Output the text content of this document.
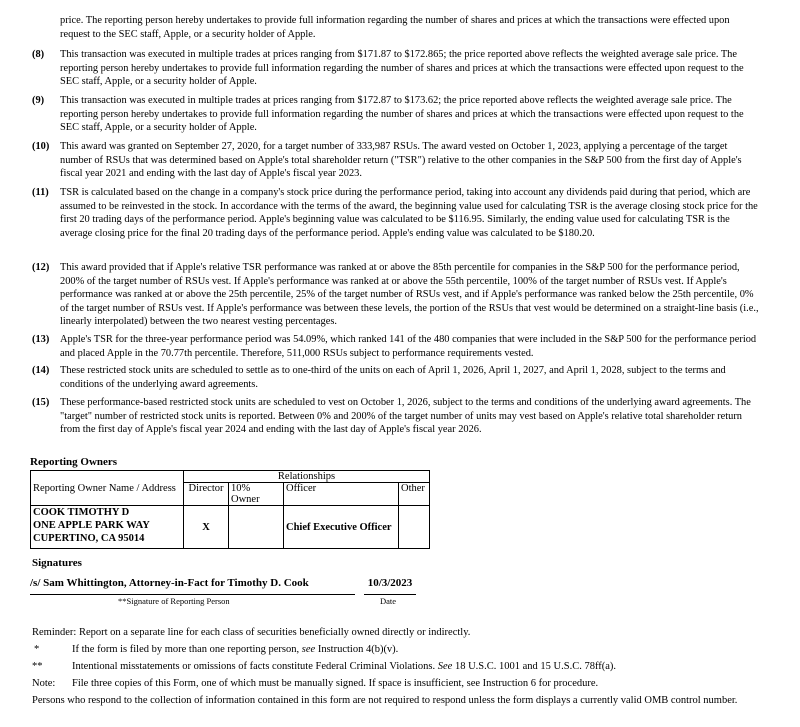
price. The reporting person hereby undertakes to provide full information regarding the number of shares and prices at which the transactions were effected upon request to the SEC staff, Apple, or a security holder of Apple.
(8) This transaction was executed in multiple trades at prices ranging from $171.87 to $172.865; the price reported above reflects the weighted average sale price. The reporting person hereby undertakes to provide full information regarding the number of shares and prices at which the transactions were effected upon request to the SEC staff, Apple, or a security holder of Apple.
(9) This transaction was executed in multiple trades at prices ranging from $172.87 to $173.62; the price reported above reflects the weighted average sale price. The reporting person hereby undertakes to provide full information regarding the number of shares and prices at which the transactions were effected upon request to the SEC staff, Apple, or a security holder of Apple.
(10) This award was granted on September 27, 2020, for a target number of 333,987 RSUs. The award vested on October 1, 2023, applying a percentage of the target number of RSUs that was determined based on Apple's total shareholder return ("TSR") relative to the other companies in the S&P 500 from the first day of Apple's fiscal year 2021 and ending with the last day of Apple's fiscal year 2023.
(11) TSR is calculated based on the change in a company's stock price during the performance period, taking into account any dividends paid during that period, which are assumed to be reinvested in the stock. In accordance with the terms of the award, the beginning value used for calculating TSR is the average closing stock price for the first 20 trading days of the performance period. Apple's beginning value was calculated to be $116.95. Similarly, the ending value used for calculating TSR is the average closing price for the final 20 trading days of the performance period. Apple's ending value was calculated to be $180.20.
(12) This award provided that if Apple's relative TSR performance was ranked at or above the 85th percentile for companies in the S&P 500 for the performance period, 200% of the target number of RSUs vest. If Apple's performance was ranked at or above the 55th percentile, 100% of the target number of RSUs vest. If Apple's performance was ranked at or above the 25th percentile, 25% of the target number of RSUs vest, and if Apple's performance was ranked below the 25th percentile, 0% of the target number of RSUs vest. If Apple's performance was between these levels, the portion of the RSUs that vest would be determined on a straight-line basis (i.e., linearly interpolated) between the two nearest vesting percentages.
(13) Apple's TSR for the three-year performance period was 54.09%, which ranked 141 of the 480 companies that were included in the S&P 500 for the performance period and placed Apple in the 70.77th percentile. Therefore, 511,000 RSUs subject to performance requirements vested.
(14) These restricted stock units are scheduled to settle as to one-third of the units on each of April 1, 2026, April 1, 2027, and April 1, 2028, subject to the terms and conditions of the underlying award agreements.
(15) These performance-based restricted stock units are scheduled to vest on October 1, 2026, subject to the terms and conditions of the underlying award agreements. The "target" number of restricted stock units is reported. Between 0% and 200% of the target number of units may vest based on Apple's relative total shareholder return from the first day of Apple's fiscal year 2024 and ending with the last day of Apple's fiscal year 2026.
Reporting Owners
Reporting Owner Name / Address	Relationships			
	Director	10% Owner	Officer	Other

COOK TIMOTHY D
ONE APPLE PARK WAY
CUPERTINO, CA 95014	X		Chief Executive Officer	
Signatures
/s/ Sam Whittington, Attorney-in-Fact for Timothy D. Cook	10/3/2023
**Signature of Reporting Person	Date
Reminder: Report on a separate line for each class of securities beneficially owned directly or indirectly.
*	If the form is filed by more than one reporting person, see Instruction 4(b)(v).
**	Intentional misstatements or omissions of facts constitute Federal Criminal Violations. See 18 U.S.C. 1001 and 15 U.S.C. 78ff(a).
Note: File three copies of this Form, one of which must be manually signed. If space is insufficient, see Instruction 6 for procedure.
Persons who respond to the collection of information contained in this form are not required to respond unless the form displays a currently valid OMB control number.
